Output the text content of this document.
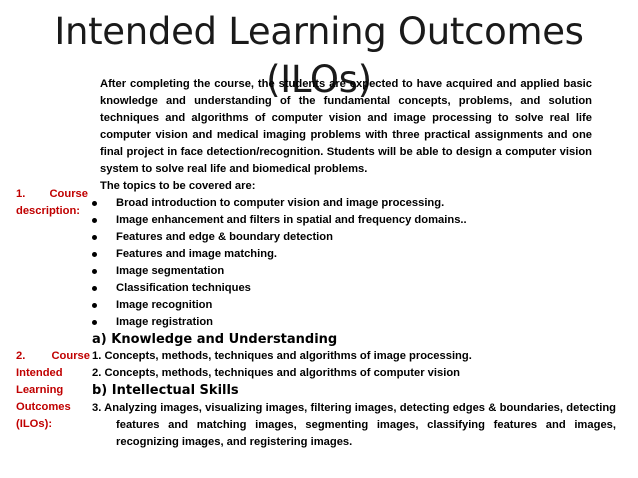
Intended Learning Outcomes (ILOs)
After completing the course, the students are expected to have acquired and applied basic knowledge and understanding of the fundamental concepts, problems, and solution techniques and algorithms of computer vision and image processing to solve real life computer vision and medical imaging problems with three practical assignments and one final project in face detection/recognition. Students will be able to design a computer vision system to solve real life and biomedical problems.
The topics to be covered are:
Broad introduction to computer vision and image processing.
Image enhancement and filters in spatial and frequency domains..
Features and edge & boundary detection
Features and image matching.
Image segmentation
Classification techniques
Image recognition
Image registration
1. Course
description:
2. Course
Intended
Learning
Outcomes
(ILOs):
a) Knowledge and Understanding
1. Concepts, methods, techniques and algorithms of image processing.
2. Concepts, methods, techniques and algorithms of computer vision
b) Intellectual Skills
3. Analyzing images, visualizing images, filtering images, detecting edges & boundaries, detecting features and matching images, segmenting images, classifying features and images, recognizing images, and registering images.
